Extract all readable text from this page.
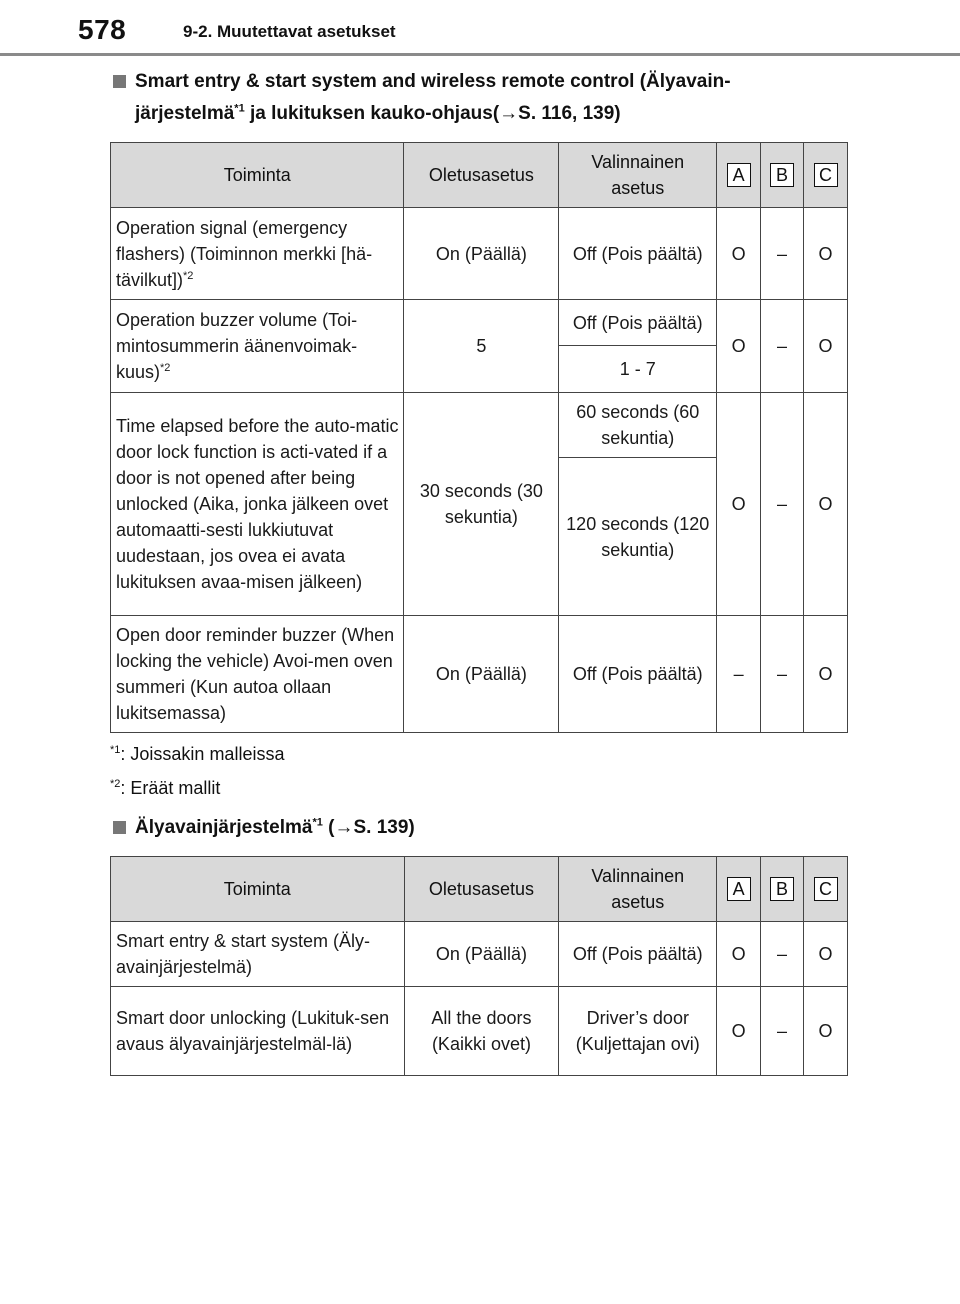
578	9-2. Muutettavat asetukset
Smart entry & start system and wireless remote control (Älyavain-
järjestelmä$^{*1}$ ja lukituksen kauko-ohjaus(→S. 116, 139)
Toiminta	Oletusasetus	Valinnainen asetus	A	B	C
Operation signal (emergency flashers) (Toiminnon merkki [hä-tävilkut])$^{*2}$	On (Päällä)	Off (Pois päältä)	O	–	O
Operation buzzer volume (Toi-mintosummerin äänenvoimak-kuus)$^{*2}$	5	Off (Pois päältä)	O	–	O
		1 - 7			
Time elapsed before the auto-matic door lock function is acti-vated if a door is not opened after being unlocked (Aika, jonka jälkeen ovet automaatti-sesti lukkiutuvat uudestaan, jos ovea ei avata lukituksen avaa-misen jälkeen)	30 seconds (30 sekuntia)	60 seconds (60 sekuntia)	O	–	O
		120 seconds (120 sekuntia)			
Open door reminder buzzer (When locking the vehicle) Avoi-men oven summeri (Kun autoa ollaan lukitsemassa)	On (Päällä)	Off (Pois päältä)	–	–	O
$^{*1}$: Joissakin malleissa
$^{*2}$: Eräät mallit
Älyavainjärjestelmä$^{*1}$ (→S. 139)
Toiminta	Oletusasetus	Valinnainen asetus	A	B	C
Smart entry & start system (Äly-avainjärjestelmä)	On (Päällä)	Off (Pois päältä)	O	–	O
Smart door unlocking (Lukituk-sen avaus älyavainjärjestelmäl-lä)	All the doors (Kaikki ovet)	Driver’s door (Kuljettajan ovi)	O	–	O
